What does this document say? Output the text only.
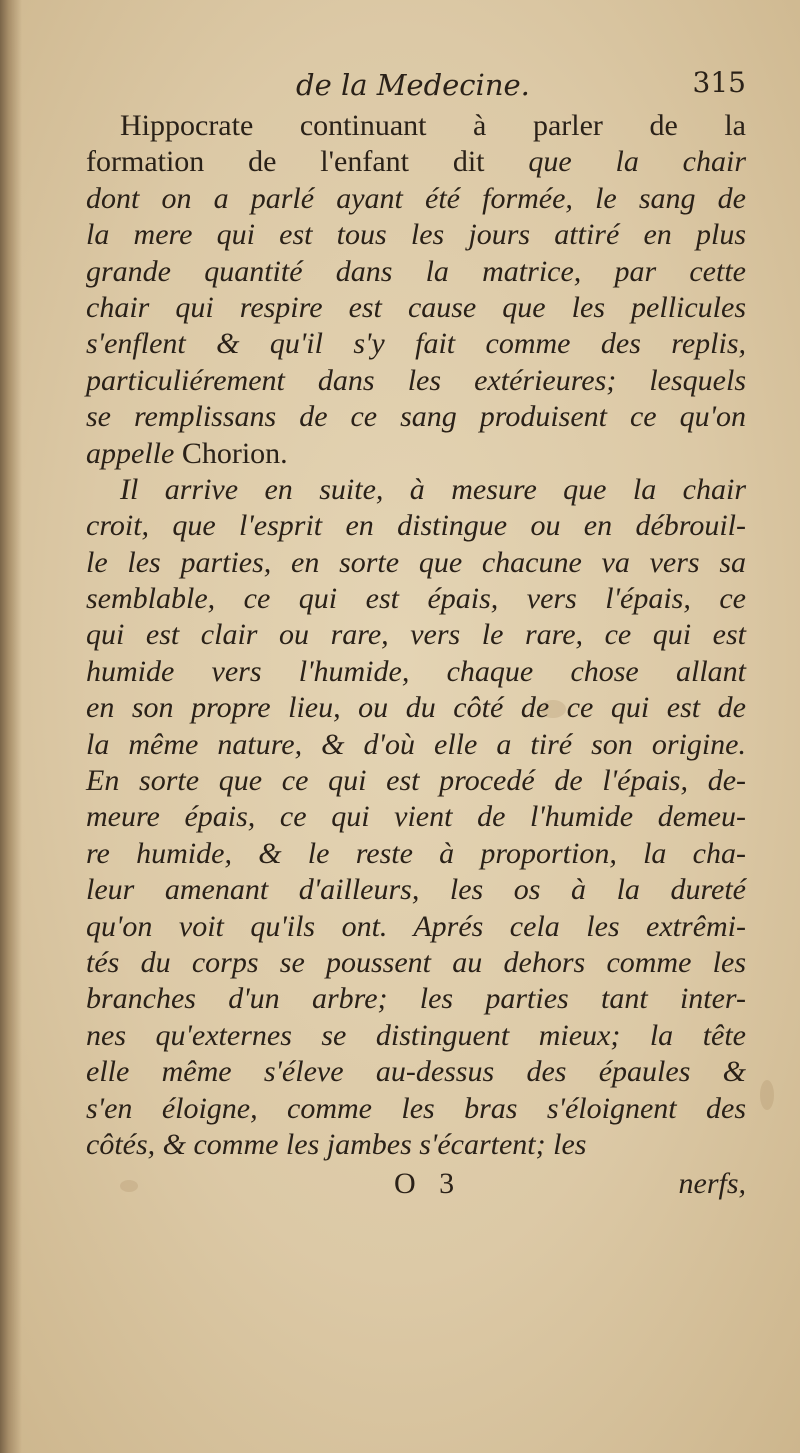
de la Medecine.	315
Hippocrate continuant à parler de la
formation de l'enfant dit que la chair
dont on a parlé ayant été formée, le sang de
la mere qui est tous les jours attiré en plus
grande quantité dans la matrice, par cette
chair qui respire est cause que les pellicules
s'enflent & qu'il s'y fait comme des replis,
particuliérement dans les extérieures; lesquels
se remplissans de ce sang produisent ce qu'on
appelle Chorion.
Il arrive en suite, à mesure que la chair
croit, que l'esprit en distingue ou en débrouil-
le les parties, en sorte que chacune va vers sa
semblable, ce qui est épais, vers l'épais, ce
qui est clair ou rare, vers le rare, ce qui est
humide vers l'humide, chaque chose allant
en son propre lieu, ou du côté de ce qui est de
la même nature, & d'où elle a tiré son origine.
En sorte que ce qui est procedé de l'épais, de-
meure épais, ce qui vient de l'humide demeu-
re humide, & le reste à proportion, la cha-
leur amenant d'ailleurs, les os à la dureté
qu'on voit qu'ils ont. Aprés cela les extrêmi-
tés du corps se poussent au dehors comme les
branches d'un arbre; les parties tant inter-
nes qu'externes se distinguent mieux; la tête
elle même s'éleve au-dessus des épaules &
s'en éloigne, comme les bras s'éloignent des
côtés, & comme les jambes s'écartent; les
O 3	nerfs,
